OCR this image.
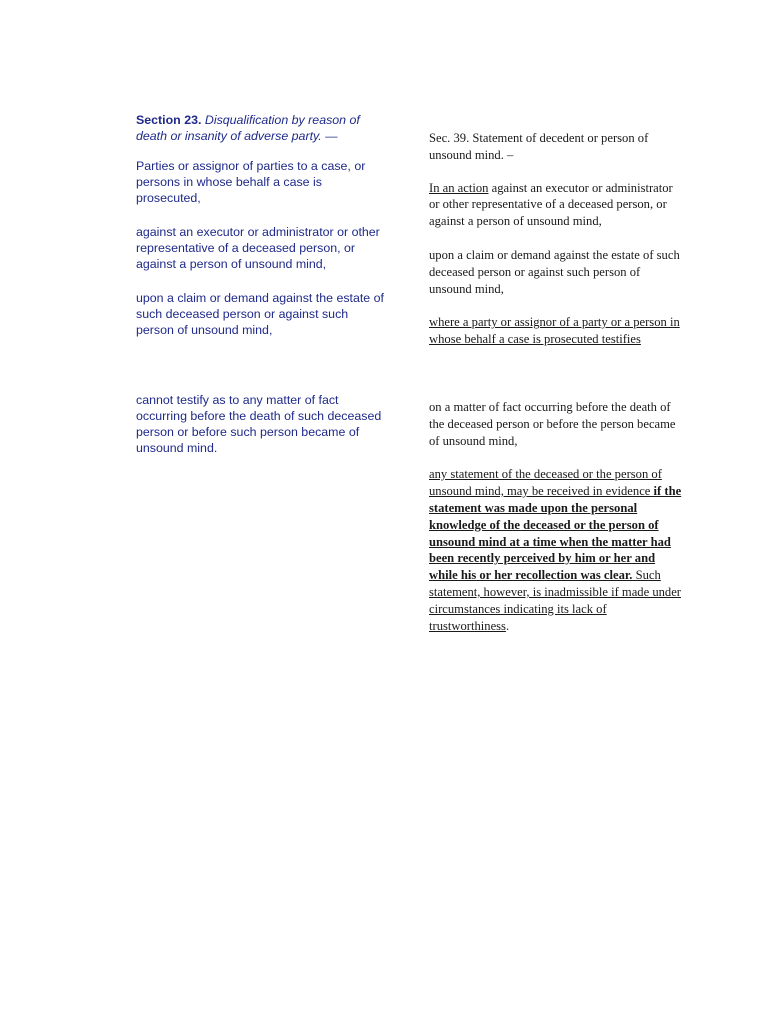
Section 23. Disqualification by reason of death or insanity of adverse party. —

Parties or assignor of parties to a case, or persons in whose behalf a case is prosecuted,

against an executor or administrator or other representative of a deceased person, or against a person of unsound mind,

upon a claim or demand against the estate of such deceased person or against such person of unsound mind,

cannot testify as to any matter of fact occurring before the death of such deceased person or before such person became of unsound mind.

Sec. 39. Statement of decedent or person of unsound mind. –

In an action against an executor or administrator or other representative of a deceased person, or against a person of unsound mind,

upon a claim or demand against the estate of such deceased person or against such person of unsound mind,

where a party or assignor of a party or a person in whose behalf a case is prosecuted testifies

on a matter of fact occurring before the death of the deceased person or before the person became of unsound mind,

any statement of the deceased or the person of unsound mind, may be received in evidence if the statement was made upon the personal knowledge of the deceased or the person of unsound mind at a time when the matter had been recently perceived by him or her and while his or her recollection was clear. Such statement, however, is inadmissible if made under circumstances indicating its lack of trustworthiness.
